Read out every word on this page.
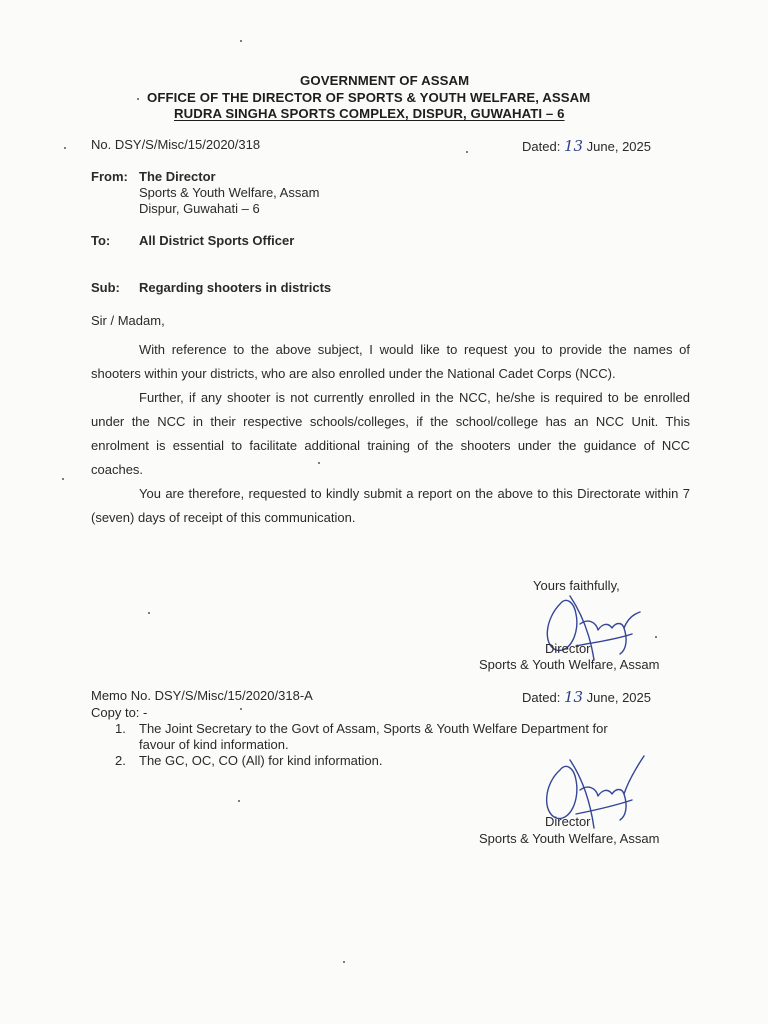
GOVERNMENT OF ASSAM
OFFICE OF THE DIRECTOR OF SPORTS & YOUTH WELFARE, ASSAM
RUDRA SINGHA SPORTS COMPLEX, DISPUR, GUWAHATI – 6
No. DSY/S/Misc/15/2020/318	Dated: 13 June, 2025
From: The Director
Sports & Youth Welfare, Assam
Dispur, Guwahati – 6
To: All District Sports Officer
Sub: Regarding shooters in districts
Sir / Madam,
With reference to the above subject, I would like to request you to provide the names of shooters within your districts, who are also enrolled under the National Cadet Corps (NCC).
Further, if any shooter is not currently enrolled in the NCC, he/she is required to be enrolled under the NCC in their respective schools/colleges, if the school/college has an NCC Unit. This enrolment is essential to facilitate additional training of the shooters under the guidance of NCC coaches.
You are therefore, requested to kindly submit a report on the above to this Directorate within 7 (seven) days of receipt of this communication.
Yours faithfully,
Director
Sports & Youth Welfare, Assam
Memo No. DSY/S/Misc/15/2020/318-A	Dated: 13 June, 2025
Copy to: -
1. The Joint Secretary to the Govt of Assam, Sports & Youth Welfare Department for
favour of kind information.
2. The GC, OC, CO (All) for kind information.
Director
Sports & Youth Welfare, Assam
